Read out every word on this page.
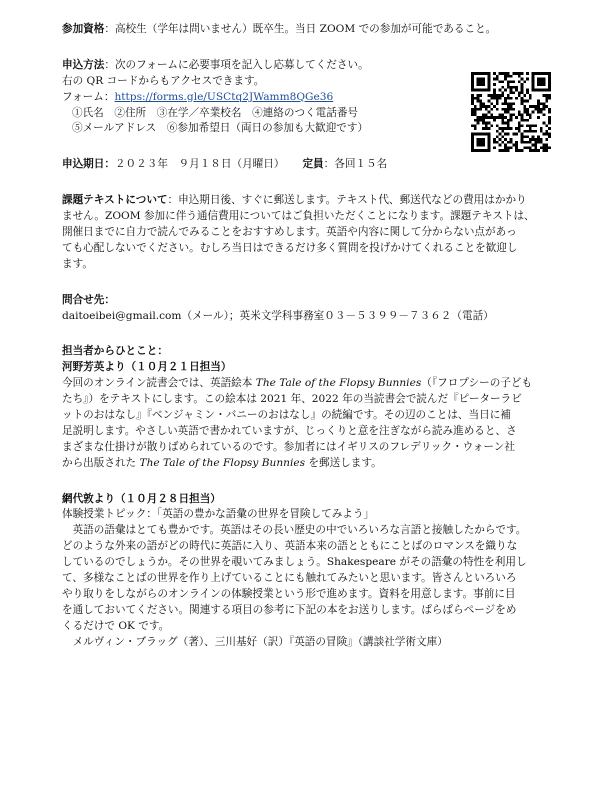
参加資格：高校生（学年は問いません）既卒生。当日 ZOOM での参加が可能であること。
申込方法：次のフォームに必要事項を記入し応募してください。
右の QR コードからもアクセスできます。
フォーム：https://forms.gle/USCtq2JWamm8QGe36
①氏名　②住所　③在学／卒業校名　④連絡のつく電話番号
⑤メールアドレス　⑥参加希望日（両日の参加も大歓迎です）
申込期日：２０２３年　９月１８日（月曜日） 定員：各回１５名
課題テキストについて：申込期日後、すぐに郵送します。テキスト代、郵送代などの費用はかかり
ません。ZOOM 参加に伴う通信費用についてはご負担いただくことになります。課題テキストは、
開催日までに自力で読んでみることをおすすめします。英語や内容に関して分からない点があっ
ても心配しないでください。むしろ当日はできるだけ多く質問を投げかけてくれることを歓迎し
ます。
問合せ先：
daitoeibei@gmail.com（メール）；英米文学科事務室０３－５３９９－７３６２（電話）
担当者からひとこと：
河野芳英より（１０月２１日担当）
今回のオンライン読書会では、英語絵本 The Tale of the Flopsy Bunnies（『フロプシーの子ども
たち』）をテキストにします。この絵本は 2021 年、2022 年の当読書会で読んだ『ピーターラビ
ットのおはなし』『ベンジャミン・バニーのおはなし』の続編です。その辺のことは、当日に補
足説明します。やさしい英語で書かれていますが、じっくりと意を注ぎながら読み進めると、さ
まざまな仕掛けが散りばめられているのです。参加者にはイギリスのフレデリック・ウォーン社
から出版された The Tale of the Flopsy Bunnies を郵送します。
網代敦より（１０月２８日担当）
体験授業トピック：「英語の豊かな語彙の世界を冒険してみよう」
　英語の語彙はとても豊かです。英語はその長い歴史の中でいろいろな言語と接触したからです。
どのような外来の語がどの時代に英語に入り、英語本来の語とともにことばのロマンスを織りな
しているのでしょうか。その世界を覗いてみましょう。Shakespeare がその語彙の特性を利用し
て、多様なことばの世界を作り上げていることにも触れてみたいと思います。皆さんといろいろ
やり取りをしながらのオンラインの体験授業という形で進めます。資料を用意します。事前に目
を通しておいてください。関連する項目の参考に下記の本をお送りします。ぱらぱらページをめ
くるだけで OK です。
　メルヴィン・ブラッグ（著）、三川基好（訳）『英語の冒険』（講談社学術文庫）
